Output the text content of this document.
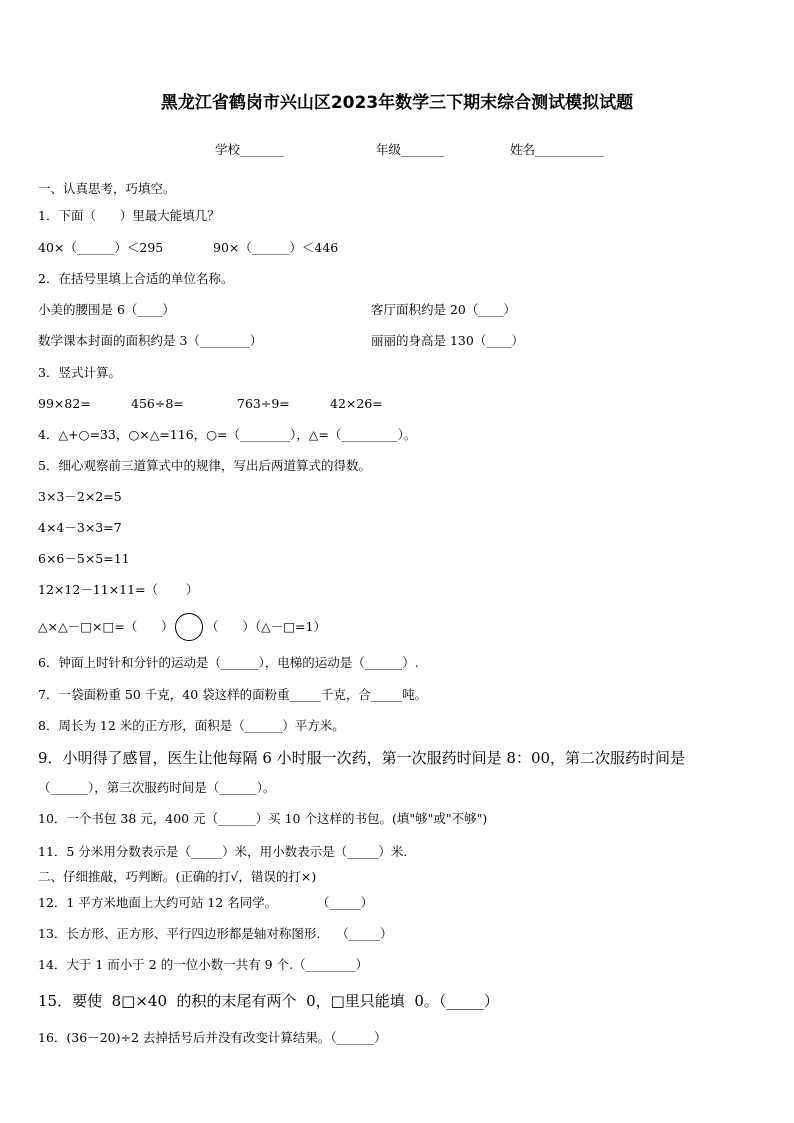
黑龙江省鹤岗市兴山区2023年数学三下期末综合测试模拟试题
学校_______	年级_______	姓名___________
一、认真思考，巧填空。
1．下面（      ）里最大能填几？
40×（______）＜295	90×（______）＜446
2．在括号里填上合适的单位名称。
小美的腰围是 6（____）	客厅面积约是 20（____）
数学课本封面的面积约是 3（________）	丽丽的身高是 130（____）
3．竖式计算。
99×82=	456÷8=	763÷9=	42×26=
4．△+○=33，○×△=116，○=（________），△=（_________）。
5．细心观察前三道算式中的规律，写出后两道算式的得数。
3×3－2×2=5
4×4－3×3=7
6×6－5×5=11
12×12－11×11=（       ）
△×△－□×□=（      ）	（      ）（△－□=1）
6．钟面上时针和分针的运动是（______），电梯的运动是（______）.
7．一袋面粉重 50 千克，40 袋这样的面粉重_____千克，合_____吨。
8．周长为 12 米的正方形，面积是（______）平方米。
9．小明得了感冒，医生让他每隔 6 小时服一次药，第一次服药时间是 8：00，第二次服药时间是
（______），第三次服药时间是（______）。
10．一个书包 38 元，400 元（______）买 10 个这样的书包。(填"够"或"不够")
11．5 分米用分数表示是（_____）米，用小数表示是（_____）米.
二、仔细推敲，巧判断。(正确的打√，错误的打×)
12．1 平方米地面上大约可站 12 名同学。          （_____）
13．长方形、正方形、平行四边形都是轴对称图形.    （_____）
14．大于 1 而小于 2 的一位小数一共有 9 个.（________）
15．要使  8□×40  的积的末尾有两个  0，□里只能填  0。（_____）
16．(36－20)÷2 去掉括号后并没有改变计算结果。（______）
